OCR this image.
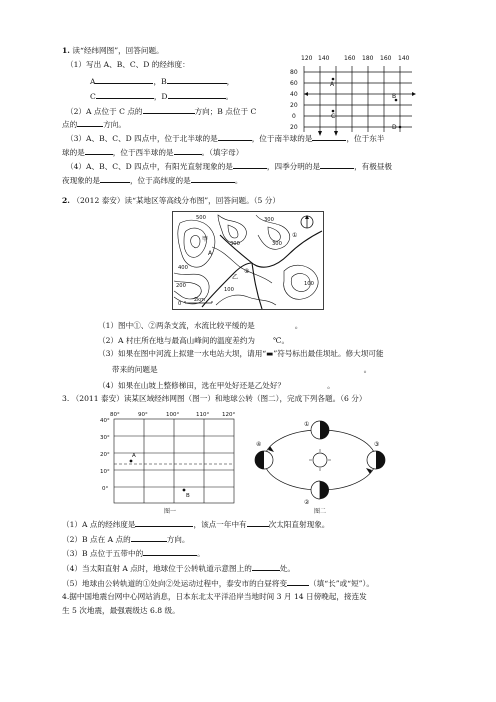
1. 读“经纬网图”，回答问题。
（1）写出 A、B、C、D 的经纬度：
A	，B	，
C	，D	。
（2）A 点位于 C 点的	方向；B 点位于 C
点的	方向。
（3）A、B、C、D 四点中，位于北半球的是	，位于南半球的是	，位于东半
球的是	，位于西半球的是	。（填字母）
（4）A、B、C、D 四点中，有阳光直射现象的是	，四季分明的是	，有极昼极
夜现象的是	，位于高纬度的是	。
120 140 160 180 160 140
80
60
40
20
0
20
A
B
C
D
2. （2012 泰安）读“某地区等高线分布图”，回答问题。（5 分）
500
400
300
200	100
300	300
100
甲
乙
A
①
②
0
2km
（1）图中①、②两条支流，水流比较平缓的是	。
（2）A 村庄所在地与最高山峰间的温度差约为 ℃。
（3）如果在图中河流上拟建一水电站大坝，请用“▬”符号标出最佳坝址。修大坝可能
带来的问题是	。
（4）如果在山坡上整修梯田，选在甲处好还是乙处好？	。
3. （2011 泰安）读某区域经纬网图（图一）和地球公转（图二），完成下列各题。（6 分）
80°	90°	100°	110° 120°
40°
30°
20°
10°
0°
A
B
图一
①
②
③
④
图二
（1）A 点的经纬度是	，该点一年中有	次太阳直射现象。
（2）B 点在 A 点的	方向。
（3）B 点位于五带中的	。
（4）当太阳直射 A 点时，地球位于公转轨道示意图上的	处。
（5）地球由公转轨道的①处向②处运动过程中，泰安市的白昼将变	（填“长”或“短”）。
4.据中国地震台网中心网站消息，日本东北太平洋沿岸当地时间 3 月 14 日傍晚起，接连发
生 5 次地震，最强震级达 6.8 级。
